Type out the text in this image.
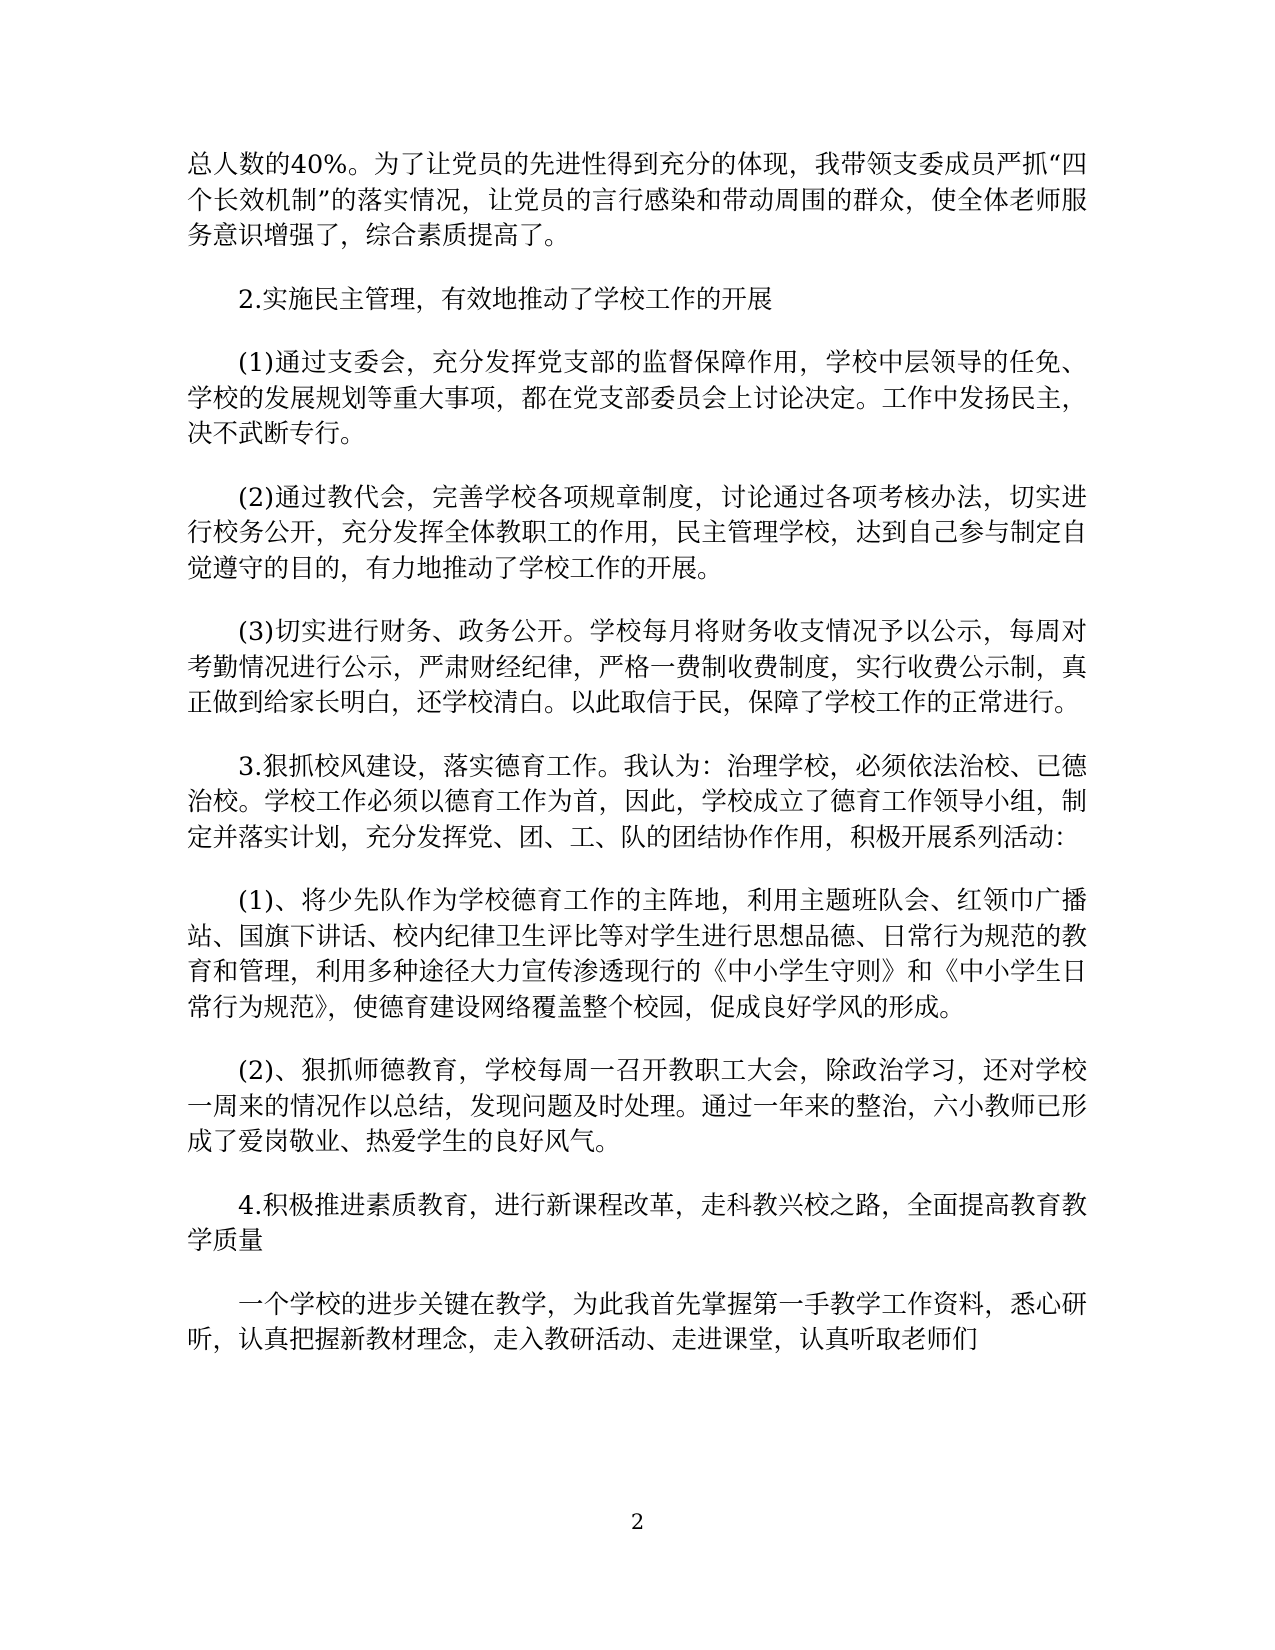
总人数的40%。为了让党员的先进性得到充分的体现，我带领支委成员严抓“四个长效机制”的落实情况，让党员的言行感染和带动周围的群众，使全体老师服务意识增强了，综合素质提高了。

2.实施民主管理，有效地推动了学校工作的开展

(1)通过支委会，充分发挥党支部的监督保障作用，学校中层领导的任免、学校的发展规划等重大事项，都在党支部委员会上讨论决定。工作中发扬民主，决不武断专行。

(2)通过教代会，完善学校各项规章制度，讨论通过各项考核办法，切实进行校务公开，充分发挥全体教职工的作用，民主管理学校，达到自己参与制定自觉遵守的目的，有力地推动了学校工作的开展。

(3)切实进行财务、政务公开。学校每月将财务收支情况予以公示，每周对考勤情况进行公示，严肃财经纪律，严格一费制收费制度，实行收费公示制，真正做到给家长明白，还学校清白。以此取信于民，保障了学校工作的正常进行。

3.狠抓校风建设，落实德育工作。我认为：治理学校，必须依法治校、已德治校。学校工作必须以德育工作为首，因此，学校成立了德育工作领导小组，制定并落实计划，充分发挥党、团、工、队的团结协作作用，积极开展系列活动：

(1)、将少先队作为学校德育工作的主阵地，利用主题班队会、红领巾广播站、国旗下讲话、校内纪律卫生评比等对学生进行思想品德、日常行为规范的教育和管理，利用多种途径大力宣传渗透现行的《中小学生守则》和《中小学生日常行为规范》，使德育建设网络覆盖整个校园，促成良好学风的形成。

(2)、狠抓师德教育，学校每周一召开教职工大会，除政治学习，还对学校一周来的情况作以总结，发现问题及时处理。通过一年来的整治，六小教师已形成了爱岗敬业、热爱学生的良好风气。

4.积极推进素质教育，进行新课程改革，走科教兴校之路，全面提高教育教学质量

一个学校的进步关键在教学，为此我首先掌握第一手教学工作资料，悉心研听，认真把握新教材理念，走入教研活动、走进课堂，认真听取老师们

2
